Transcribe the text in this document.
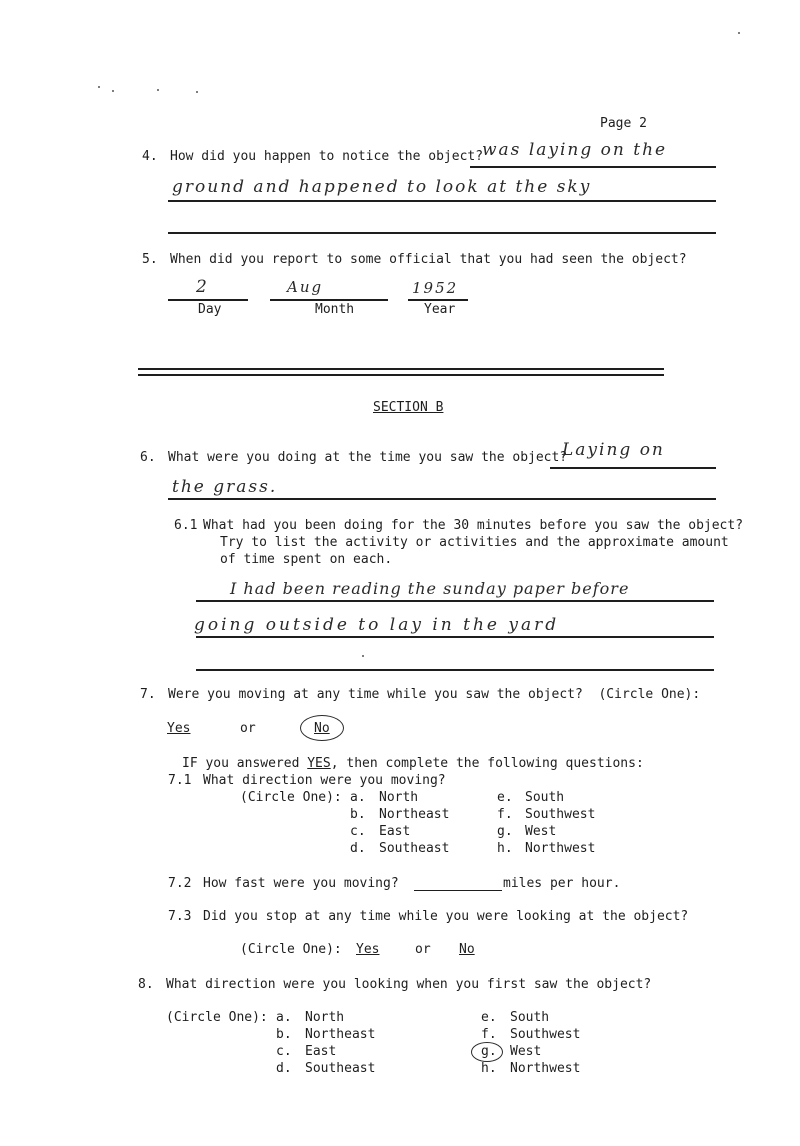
Page 2
4. How did you happen to notice the object?
was laying on the
ground and happened to look at the sky
5. When did you report to some official that you had seen the object?
2	Aug	1952
Day	Month	Year
SECTION B
6. What were you doing at the time you saw the object?
Laying on
the grass.
6.1 What had you been doing for the 30 minutes before you saw the object?
Try to list the activity or activities and the approximate amount
of time spent on each.
I had been reading the sunday paper before
going outside to lay in the yard
7. Were you moving at any time while you saw the object?  (Circle One):
Yes	or	No
IF you answered YES, then complete the following questions:
7.1 What direction were you moving?
(Circle One): a. North
b. Northeast
c. East
d. Southeast
e. South
f. Southwest
g. West
h. Northwest
7.2 How fast were you moving?	miles per hour.
7.3 Did you stop at any time while you were looking at the object?
(Circle One): Yes	or No
8. What direction were you looking when you first saw the object?
(Circle One): a. North
b. Northeast
c. East
d. Southeast
e. South
f. Southwest
g. West
h. Northwest
